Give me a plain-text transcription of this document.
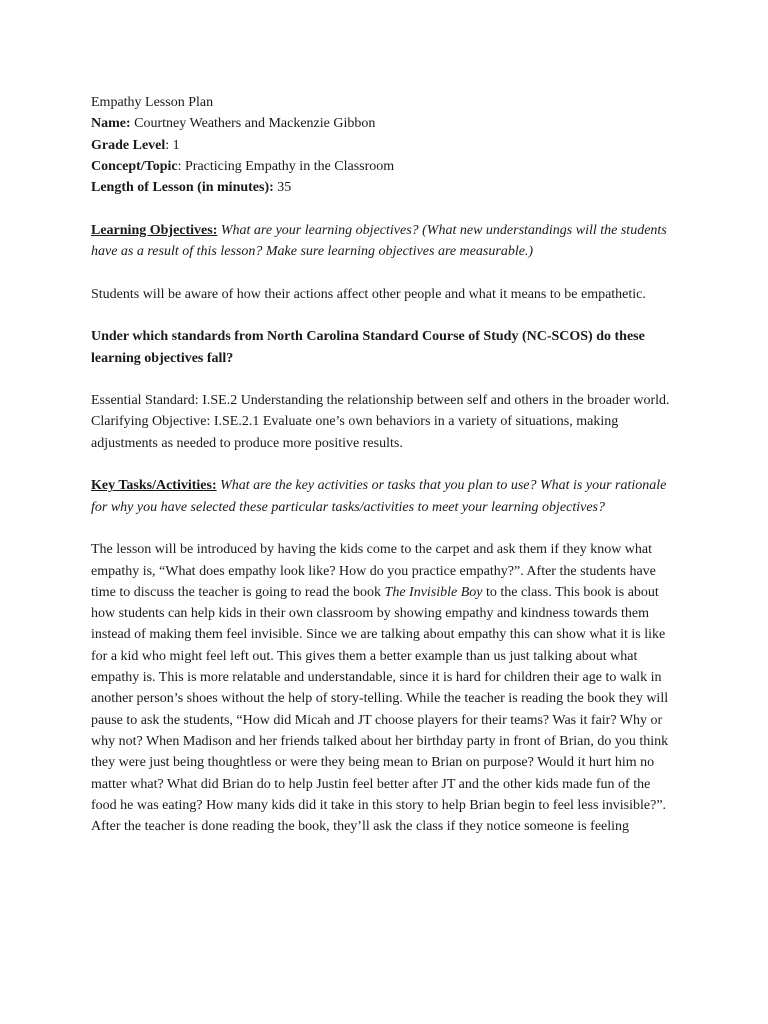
Empathy Lesson Plan
Name: Courtney Weathers and Mackenzie Gibbon
Grade Level: 1
Concept/Topic: Practicing Empathy in the Classroom
Length of Lesson (in minutes): 35
Learning Objectives: What are your learning objectives? (What new understandings will the students have as a result of this lesson? Make sure learning objectives are measurable.)
Students will be aware of how their actions affect other people and what it means to be empathetic.
Under which standards from North Carolina Standard Course of Study (NC-SCOS) do these learning objectives fall?
Essential Standard: I.SE.2 Understanding the relationship between self and others in the broader world.
Clarifying Objective: I.SE.2.1 Evaluate one’s own behaviors in a variety of situations, making adjustments as needed to produce more positive results.
Key Tasks/Activities: What are the key activities or tasks that you plan to use? What is your rationale for why you have selected these particular tasks/activities to meet your learning objectives?
The lesson will be introduced by having the kids come to the carpet and ask them if they know what empathy is, “What does empathy look like? How do you practice empathy?”. After the students have time to discuss the teacher is going to read the book The Invisible Boy to the class. This book is about how students can help kids in their own classroom by showing empathy and kindness towards them instead of making them feel invisible. Since we are talking about empathy this can show what it is like for a kid who might feel left out. This gives them a better example than us just talking about what empathy is. This is more relatable and understandable, since it is hard for children their age to walk in another person’s shoes without the help of story-telling. While the teacher is reading the book they will pause to ask the students, “How did Micah and JT choose players for their teams? Was it fair? Why or why not? When Madison and her friends talked about her birthday party in front of Brian, do you think they were just being thoughtless or were they being mean to Brian on purpose? Would it hurt him no matter what? What did Brian do to help Justin feel better after JT and the other kids made fun of the food he was eating? How many kids did it take in this story to help Brian begin to feel less invisible?”. After the teacher is done reading the book, they’ll ask the class if they notice someone is feeling
